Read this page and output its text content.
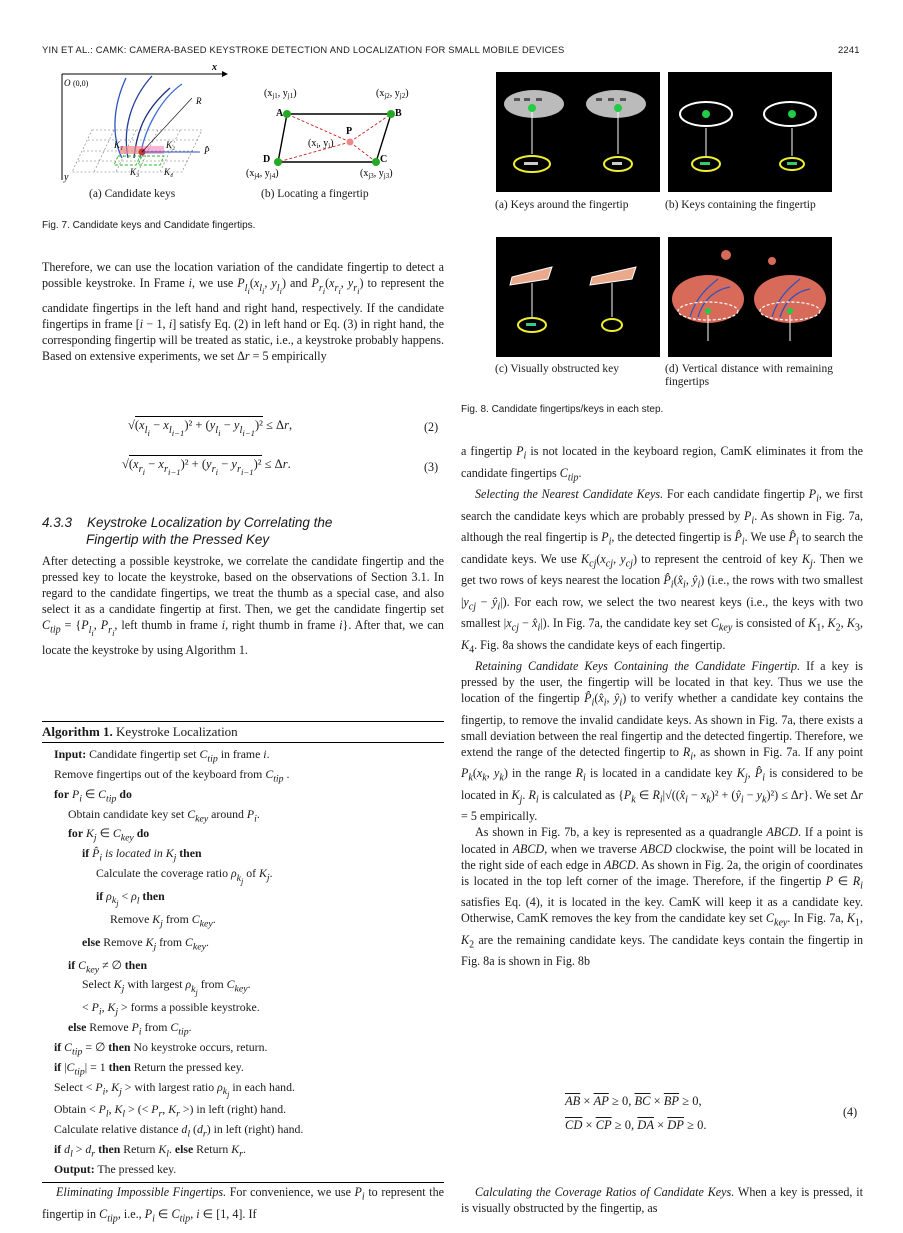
YIN ET AL.: CAMK: CAMERA-BASED KEYSTROKE DETECTION AND LOCALIZATION FOR SMALL MOBILE DEVICES	2241
O (0,0)
x
y
R
P̂
K₁	K₂
K₃	K₄
(a) Candidate keys
($x_{j1}$, $y_{j1}$)	($x_{j2}$, $y_{j2}$)
($x_{j4}$, $y_{j4}$)	($x_{j3}$, $y_{j3}$)
($x_i$, $y_i$)
A	B
C
D
P
(b) Locating a fingertip
Fig. 7. Candidate keys and Candidate fingertips.

Therefore, we can use the location variation of the candidate fingertip to detect a possible keystroke. In Frame i, we use $P_{l_i}(x_{l_i}$, $y_{l_i}$) and $P_{r_i}(x_{r_i}$, $y_{r_i}$) to represent the candidate fingertips in the left hand and right hand, respectively. If the candidate fingertips in frame [i − 1, i] satisfy Eq. (2) in left hand or Eq. (3) in right hand, the corresponding fingertip will be treated as static, i.e., a keystroke probably happens. Based on extensive experiments, we set Δr = 5 empirically

$√(x_{l_i} - x_{l_{i-1}})^2 + (y_{l_i} - y_{l_{i-1}})^2 \le \Delta r$,	(2)
$√(x_{r_i} - x_{r_{i-1}})^2 + (y_{r_i} - y_{r_{i-1}})^2 \le \Delta r$.	(3)
4.3.3    Keystroke Localization by Correlating the
Fingertip with the Pressed Key

After detecting a possible keystroke, we correlate the candidate fingertip and the pressed key to locate the keystroke, based on the observations of Section 3.1. In regard to the candidate fingertips, we treat the thumb as a special case, and also select it as a candidate fingertip at first. Then, we get the candidate fingertip set $C_{tip} = \{P_{l_i}$, $P_{r_i}$, left thumb in frame i, right thumb in frame i}. After that, we can locate the keystroke by using Algorithm 1.

Algorithm 1. Keystroke Localization
Input: Candidate fingertip set $C_{tip}$ in frame i.
Remove fingertips out of the keyboard from $C_{tip}$ .
for $P_i$ ∈ $C_{tip}$ do
Obtain candidate key set $C_{key}$ around $P_i$.
for $K_j$ ∈ $C_{key}$ do
if $P̂_i$ is located in $K_j$ then
Calculate the coverage ratio $\rho_{k_j}$ of $K_j$.
if $\rho_{k_j} < \rho_l$ then
Remove $K_j$ from $C_{key}$.
else Remove $K_j$ from $C_{key}$.
if $C_{key}$ ≠ ∅ then
Select $K_j$ with largest $\rho_{k_j}$ from $C_{key}$.
< $P_i$, $K_j$ > forms a possible keystroke.
else Remove $P_i$ from $C_{tip}$.
if $C_{tip}$ = ∅ then No keystroke occurs, return.
if $|C_{tip}| = 1$ then Return the pressed key.
Select < $P_i$, $K_j$ > with largest ratio $\rho_{k_j}$ in each hand.
Obtain < $P_l$, $K_l$ > (< $P_r$, $K_r$ >) in left (right) hand.
Calculate relative distance $d_l$ $(d_r)$ in left (right) hand.
if $d_l > d_r$ then Return $K_l$. else Return $K_r$.
Output: The pressed key.

Eliminating Impossible Fingertips. For convenience, we use $P_i$ to represent the fingertip in $C_{tip}$, i.e., $P_i$ ∈ $C_{tip}$, i ∈ [1, 4]. If

(a) Keys around the fingertip	(b) Keys containing the fingertip
(c) Visually obstructed key	(d) Vertical distance with remaining fingertips
Fig. 8. Candidate fingertips/keys in each step.

a fingertip $P_i$ is not located in the keyboard region, CamK eliminates it from the candidate fingertips $C_{tip}$.

Selecting the Nearest Candidate Keys. For each candidate fingertip $P_i$, we first search the candidate keys which are probably pressed by $P_i$. As shown in Fig. 7a, although the real fingertip is $P_i$, the detected fingertip is $P̂_i$. We use $P̂_i$ to search the candidate keys. We use $K_{cj}(x_{cj}$, $y_{cj}$) to represent the centroid of key $K_j$. Then we get two rows of keys nearest the location $P̂_i(x̂_i$, $ŷ_i$) (i.e., the rows with two smallest $|y_{cj}$ − $ŷ_i|$). For each row, we select the two nearest keys (i.e., the keys with two smallest $|x_{cj}$ − $x̂_i|$). In Fig. 7a, the candidate key set $C_{key}$ is consisted of $K_1$, $K_2$, $K_3$, $K_4$. Fig. 8a shows the candidate keys of each fingertip.

Retaining Candidate Keys Containing the Candidate Fingertip. If a key is pressed by the user, the fingertip will be located in that key. Thus we use the location of the fingertip $P̂_i(x̂_i$, $ŷ_i$) to verify whether a candidate key contains the fingertip, to remove the invalid candidate keys. As shown in Fig. 7a, there exists a small deviation between the real fingertip and the detected fingertip. Therefore, we extend the range of the detected fingertip to $R_i$, as shown in Fig. 7a. If any point $P_k(x_k$, $y_k$) in the range $R_i$ is located in a candidate key $K_j$, $P̂_i$ is considered to be located in $K_j$. $R_i$ is calculated as {$P_k$ ∈ $R_i|√((x̂_i - x_k)^2$ + $(ŷ_i - y_k)^2) \le \Delta r$}. We set Δr = 5 empirically.

As shown in Fig. 7b, a key is represented as a quadrangle ABCD. If a point is located in ABCD, when we traverse ABCD clockwise, the point will be located in the right side of each edge in ABCD. As shown in Fig. 2a, the origin of coordinates is located in the top left corner of the image. Therefore, if the fingertip P ∈ $R_i$ satisfies Eq. (4), it is located in the key. CamK will keep it as a candidate key. Otherwise, CamK removes the key from the candidate key set $C_{key}$. In Fig. 7a, $K_1$, $K_2$ are the remaining candidate keys. The candidate keys contain the fingertip in Fig. 8a is shown in Fig. 8b

$\overline{AB} \times \overline{AP} \ge 0$, $\overline{BC} \times \overline{BP} \ge 0$,
$\overline{CD} \times \overline{CP} \ge 0$, $\overline{DA} \times \overline{DP} \ge 0$.
(4)

Calculating the Coverage Ratios of Candidate Keys. When a key is pressed, it is visually obstructed by the fingertip, as
